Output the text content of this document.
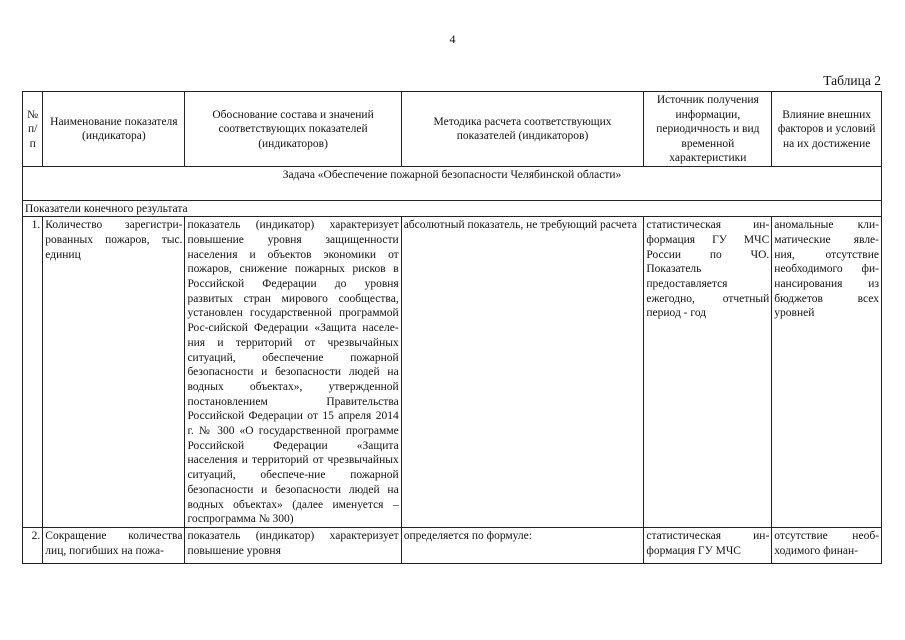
4
Таблица 2
№ п/п	Наименование показателя (индикатора)	Обоснование состава и значений соответствующих показателей (индикаторов)	Методика расчета соответствующих показателей (индикаторов)	Источник получения информации, периодичность и вид временной характеристики	Влияние внешних факторов и условий на их достижение
Задача «Обеспечение пожарной безопасности Челябинской области»					
Показатели конечного результата					
1.	Количество зарегистри-рованных пожаров, тыс. единиц	показатель (индикатор) характеризует повышение уровня защищенности населения и объектов экономики от пожаров, снижение пожарных рисков в Российской Федерации до уровня развитых стран мирового сообщества, установлен государственной программой Рос-сийской Федерации «Защита населе-ния и территорий от чрезвычайных ситуаций, обеспечение пожарной безопасности и безопасности людей на водных объектах», утвержденной постановлением Правительства Российской Федерации от 15 апреля 2014 г. № 300 «О государственной программе Российской Федерации «Защита населения и территорий от чрезвычайных ситуаций, обеспече-ние пожарной безопасности и безопасности людей на водных объектах» (далее именуется – госпрограмма № 300)	абсолютный показатель, не требующий расчета	статистическая ин-формация ГУ МЧС России по ЧО. Показатель предоставляется ежегодно, отчетный период - год	аномальные кли-матические явле-ния, отсутствие необходимого фи-нансирования из бюджетов всех уровней
2.	Сокращение количества лиц, погибших на пожа-	показатель (индикатор) характеризует повышение уровня	определяется по формуле:	статистическая ин-формация ГУ МЧС	отсутствие необ-ходимого финан-
